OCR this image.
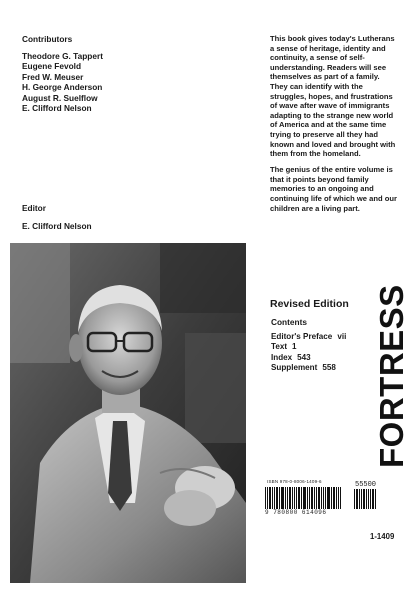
Contributors
Theodore G. Tappert
Eugene Fevold
Fred W. Meuser
H. George Anderson
August R. Suelflow
E. Clifford Nelson
Editor
E. Clifford Nelson

This book gives today's Lutherans a sense of heritage, identity and continuity, a sense of self-understanding. Readers will see themselves as part of a family. They can identify with the struggles, hopes, and frustrations of wave after wave of immigrants adapting to the strange new world of America and at the same time trying to preserve all they had known and loved and brought with them from the homeland.

The genius of the entire volume is that it points beyond family memories to an ongoing and continuing life of which we and our children are a living part.

Revised Edition
Contents
Editor's Preface vii
Text 1
Index 543
Supplement 558	FORTRESS
ISBN 978-0-8006-1409-6
9 780800 614096
55500
1-1409
